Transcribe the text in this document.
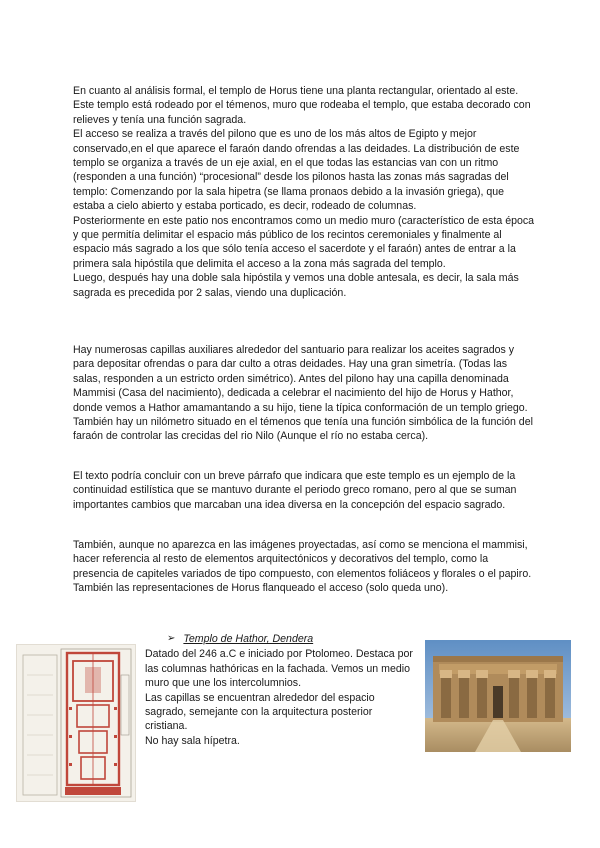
En cuanto al análisis formal, el templo de Horus tiene una planta rectangular, orientado al este. Este templo está rodeado por el témenos, muro que rodeaba el templo, que estaba decorado con relieves y tenía una función sagrada.

El acceso se realiza a través del pilono que es uno de los más altos de Egipto y mejor conservado,en el que aparece el faraón dando ofrendas a las deidades. La distribución de este templo se organiza a través de un eje axial, en el que todas las estancias van con un ritmo (responden a una función) “procesional” desde los pilonos hasta las zonas más sagradas del templo: Comenzando por la sala hipetra (se llama pronaos debido a la invasión griega), que estaba a cielo abierto y estaba porticado, es decir, rodeado de columnas.

Posteriormente en este patio nos encontramos como un medio muro (característico de esta época y que permitía delimitar el espacio más público de los recintos ceremoniales y finalmente al espacio más sagrado a los que sólo tenía acceso el sacerdote y el faraón) antes de entrar a la primera sala hipóstila que delimita el acceso a la zona más sagrada del templo.

Luego, después hay una doble sala hipóstila y vemos una doble antesala, es decir, la sala más sagrada es precedida por 2 salas, viendo una duplicación.

Hay numerosas capillas auxiliares alrededor del santuario para realizar los aceites sagrados y para depositar ofrendas o para dar culto a otras deidades. Hay una gran simetría. (Todas las salas, responden a un estricto orden simétrico). Antes del pilono hay una capilla denominada Mammisi (Casa del nacimiento), dedicada a celebrar el nacimiento del hijo de Horus y Hathor, donde vemos a Hathor amamantando a su hijo, tiene la típica conformación de un templo griego. También hay un nilómetro situado en el témenos que tenía una función simbólica de la función del faraón de controlar las crecidas del rio Nilo (Aunque el río no estaba cerca).

El texto podría concluir con un breve párrafo que indicara que este templo es un ejemplo de la continuidad estilística que se mantuvo durante el periodo greco romano, pero al que se suman importantes cambios que marcaban una idea diversa en la concepción del espacio sagrado.

También, aunque no aparezca en las imágenes proyectadas, así como se menciona el mammisi, hacer referencia al resto de elementos arquitectónicos y decorativos del templo, como la presencia de capiteles variados de tipo compuesto, con elementos foliáceos y florales o el papiro. También las representaciones de Horus flanqueado el acceso (solo queda uno).

➢ Templo de Hathor, Dendera

Datado del 246 a.C e iniciado por Ptolomeo. Destaca por las columnas hathóricas en la fachada. Vemos un medio muro que une los intercolumnios.

Las capillas se encuentran alrededor del espacio sagrado, semejante con la arquitectura posterior cristiana.

No hay sala hípetra.
